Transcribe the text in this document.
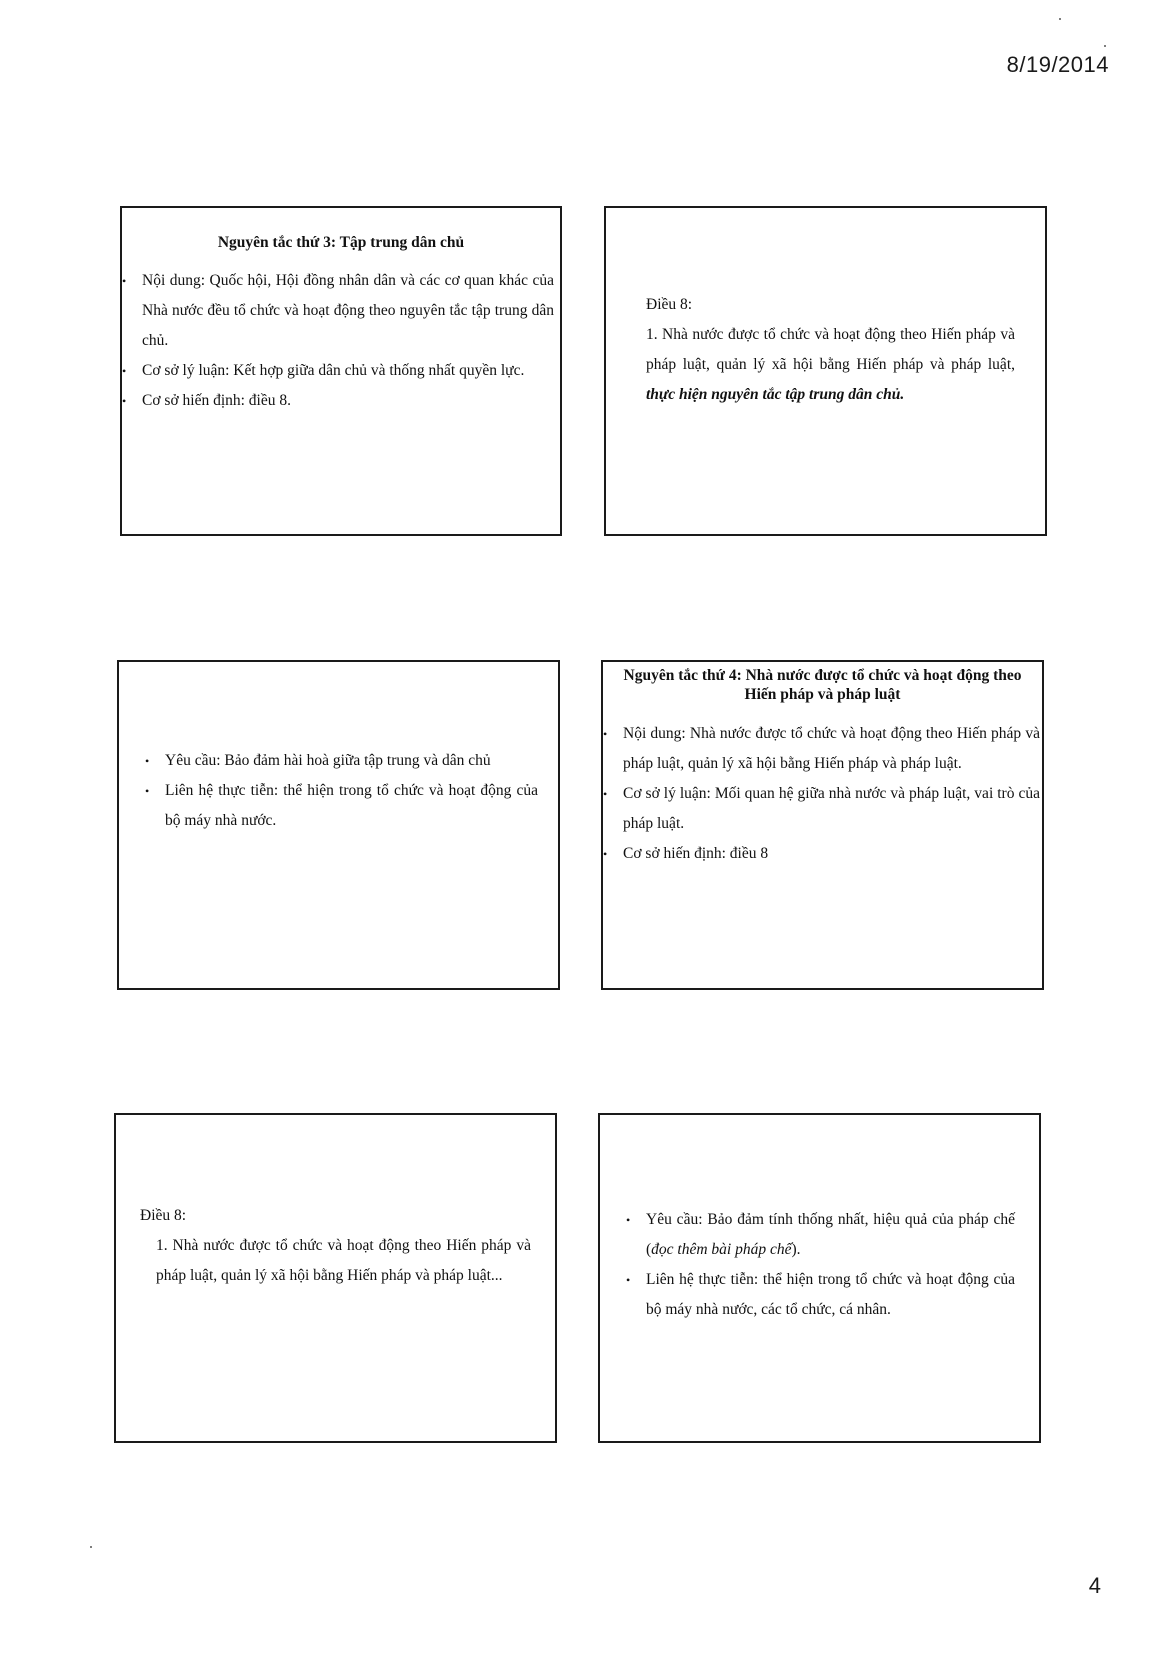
8/19/2014
Nguyên tắc thứ 3: Tập trung dân chủ
• Nội dung: Quốc hội, Hội đồng nhân dân và các cơ quan khác của Nhà nước đều tổ chức và hoạt động theo nguyên tắc tập trung dân chủ.
• Cơ sở lý luận: Kết hợp giữa dân chủ và thống nhất quyền lực.
• Cơ sở hiến định: điều 8.

Điều 8:

1. Nhà nước được tổ chức và hoạt động theo Hiến pháp và pháp luật, quản lý xã hội bằng Hiến pháp và pháp luật, thực hiện nguyên tắc tập trung dân chủ.

• Yêu cầu: Bảo đảm hài hoà giữa tập trung và dân chủ
• Liên hệ thực tiễn: thể hiện trong tổ chức và hoạt động của bộ máy nhà nước.
Nguyên tắc thứ 4: Nhà nước được tổ chức và hoạt động theo Hiến pháp và pháp luật
• Nội dung: Nhà nước được tổ chức và hoạt động theo Hiến pháp và pháp luật, quản lý xã hội bằng Hiến pháp và pháp luật.
• Cơ sở lý luận: Mối quan hệ giữa nhà nước và pháp luật, vai trò của pháp luật.
• Cơ sở hiến định: điều 8

Điều 8:

1. Nhà nước được tổ chức và hoạt động theo Hiến pháp và pháp luật, quản lý xã hội bằng Hiến pháp và pháp luật...

• Yêu cầu: Bảo đảm tính thống nhất, hiệu quả của pháp chế (đọc thêm bài pháp chế).
• Liên hệ thực tiễn: thể hiện trong tổ chức và hoạt động của bộ máy nhà nước, các tổ chức, cá nhân.
4
